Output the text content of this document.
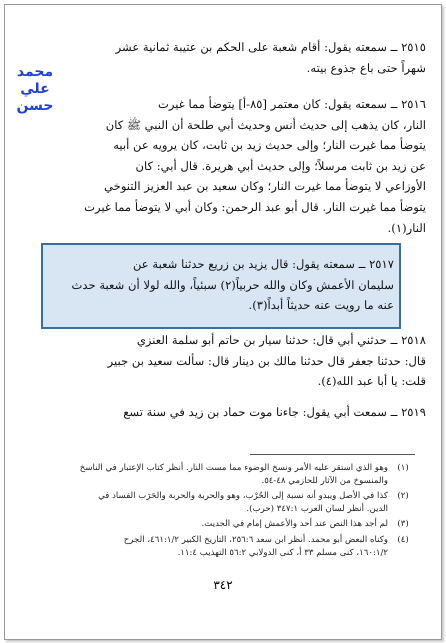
محمد
علي
حسن
٢٥١٥ ــ سمعته يقول: أقام شعبة على الحكم بن عتيبة ثمانية عشر
شهراً حتى باع جذوع بيته.
٢٥١٦ ــ سمعته يقول: كان معتمر [٨٥-أ] يتوضأ مما غيرت
النار، كان يذهب إلى حديث أنس وحديث أبي طلحة أن النبي ﷺ كان
يتوضأ مما غيرت النار؛ وإلى حديث زيد بن ثابت، كان يرويه عن أبيه
عن زيد بن ثابت مرسلاً؛ وإلى حديث أبي هريرة. قال أبي: كان
الأوزاعي لا يتوضأ مما غيرت النار؛ وكان سعيد بن عبد العزيز التنوخي
يتوضأ مما غيرت النار. قال أبو عبد الرحمن: وكان أبي لا يتوضأ مما غيرت
النار(١).
٢٥١٧ ــ سمعته يقول: قال يزيد بن زريع حدثنا شعبة عن
سليمان الأعمش وكان والله حربياً(٢) سبئياً، والله لولا أن شعبة حدث
عنه ما رويت عنه حديثاً أبداً(٣).
٢٥١٨ ــ حدثني أبي قال: حدثنا سيار بن حاتم أبو سلمة العنزي
قال: حدثنا جعفر قال حدثنا مالك بن دينار قال: سألت سعيد بن جبير
قلت: يا أبا عبد الله(٤).
٢٥١٩ ــ سمعت أبي يقول: جاءنا موت حماد بن زيد في سنة تسع
(١)
وهو الذي استقر عليه الأمر ونسخ الوضوء مما مست النار. أنظر كتاب الإعتبار في الناسخ
والمنسوخ من الآثار للحازمي ٤٨-٥٤.
(٢)
كذا في الأصل ويبدو أنه نسبة إلى الحُرْب، وهو والحربة والحربة والحَرَب الفساد في
الدين. أنظر لسان العرب ٣٤٧:١ (حرب).
(٣)
لم أجد هذا النص عند أحد والأعمش إمام في الحديث.
(٤)
وكناه البعض أبو محمد. أنظر ابن سعد ٢٥٦:٦، التاريخ الكبير ٤٦١:١/٢، الجرح
١٦٠:١/٢، كنى مسلم ٣٣ أ، كنى الدولابي ٥٦:٢ التهذيب ١١:٤.
٣٤٢
